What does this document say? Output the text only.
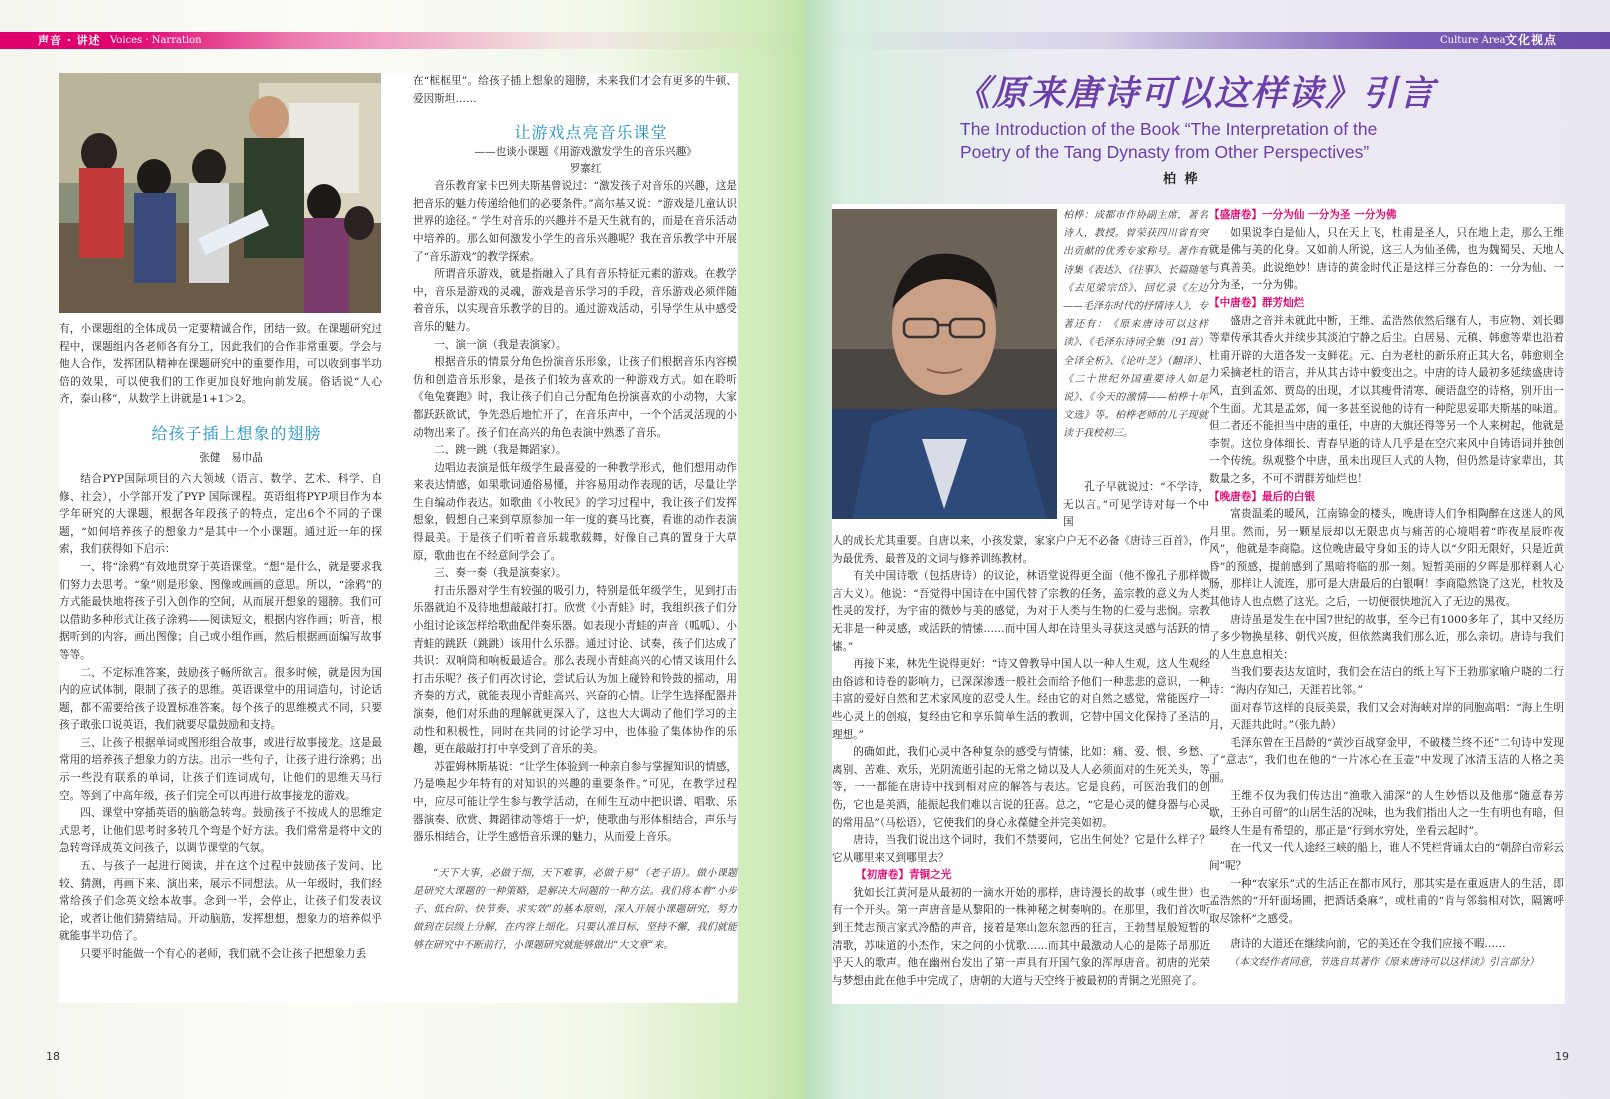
声音 · 讲述 Voices · Narration

有，小课题组的全体成员一定要精诚合作，团结一致。在课题研究过程中，课题组内各老师各有分工，因此我们的合作非常重要。学会与他人合作，发挥团队精神在课题研究中的重要作用，可以收到事半功倍的效果，可以使我们的工作更加良好地向前发展。俗话说“人心齐，泰山移”，从数学上讲就是1+1＞2。

给孩子插上想象的翅膀

张健　易巾晶

结合PYP国际项目的六大领域（语言、数学、艺术、科学、自修、社会），小学部开发了PYP 国际课程。英语组将PYP项目作为本学年研究的大课题，根据各年段孩子的特点，定出6个不同的子课题，“如何培养孩子的想象力”是其中一个小课题。通过近一年的探索，我们获得如下启示：

一、将“涂鸦”有效地贯穿于英语课堂。“想”是什么，就是要求我们努力去思考。“象”则是形象、图像或画画的意思。所以，“涂鸦”的方式能最快地将孩子引入创作的空间，从而展开想象的翅膀。我们可以借助多种形式让孩子涂鸦——阅读短文，根据内容作画；听音，根据听到的内容，画出图像；自己或小组作画，然后根据画面编写故事等等。

二、不定标准答案，鼓励孩子畅所欲言。很多时候，就是因为国内的应试体制，限制了孩子的思维。英语课堂中的用词造句，讨论话题，都不需要给孩子设置标准答案。每个孩子的思维模式不同，只要孩子敢张口说英语，我们就要尽量鼓励和支持。

三、让孩子根据单词或图形组合故事，或进行故事接龙。这是最常用的培养孩子想象力的方法。出示一些句子，让孩子进行涂鸦；出示一些没有联系的单词，让孩子们连词成句，让他们的思维天马行空。等到了中高年级，孩子们完全可以再进行故事接龙的游戏。

四、课堂中穿插英语的脑筋急转弯。鼓励孩子不按成人的思维定式思考，让他们思考时多转几个弯是个好方法。我们常常是将中文的急转弯译成英文问孩子，以调节课堂的气氛。

五、与孩子一起进行阅读，并在这个过程中鼓励孩子发问、比较、猜测，再画下来、演出来，展示不同想法。从一年级时，我们经常给孩子们念英文绘本故事。念到一半，会停止，让孩子们发表议论，或者让他们猜猜结局。开动脑筋，发挥想想，想象力的培养似乎就能事半功倍了。

只要平时能做一个有心的老师，我们就不会让孩子把想象力丢

在“框框里”。给孩子插上想象的翅膀，未来我们才会有更多的牛顿、爱因斯坦……

让游戏点亮音乐课堂

——也谈小课题《用游戏激发学生的音乐兴趣》

罗寨红

音乐教育家卡巴列夫斯基曾说过：“激发孩子对音乐的兴趣，这是把音乐的魅力传递给他们的必要条件。”高尔基又说：“游戏是儿童认识世界的途径。” 学生对音乐的兴趣并不是天生就有的，而是在音乐活动中培养的。那么如何激发小学生的音乐兴趣呢？我在音乐教学中开展了“音乐游戏”的教学探索。

所谓音乐游戏，就是指融入了具有音乐特征元素的游戏。在教学中，音乐是游戏的灵魂，游戏是音乐学习的手段，音乐游戏必须伴随着音乐，以实现音乐教学的目的。通过游戏活动，引导学生从中感受音乐的魅力。

一、演一演（我是表演家）。

根据音乐的情景分角色扮演音乐形象，让孩子们根据音乐内容模仿和创造音乐形象，是孩子们较为喜欢的一种游戏方式。如在聆听《龟兔赛跑》时，我让孩子们自己分配角色扮演喜欢的小动物，大家都跃跃欲试，争先恐后地忙开了，在音乐声中，一个个活灵活现的小动物出来了。孩子们在高兴的角色表演中熟悉了音乐。

二、跳一跳（我是舞蹈家）。

边唱边表演是低年级学生最喜爱的一种教学形式，他们想用动作来表达情感，如果歌词通俗易懂，并容易用动作表现的话，尽量让学生自编动作表达。如歌曲《小牧民》的学习过程中，我让孩子们发挥想象，假想自己来到草原参加一年一度的赛马比赛，看谁的动作表演得最美。于是孩子们听着音乐载歌载舞，好像自己真的置身于大草原，歌曲也在不经意间学会了。

三、奏一奏（我是演奏家）。

打击乐器对学生有较强的吸引力，特别是低年级学生，见到打击乐器就迫不及待地想敲敲打打。欣赏《小青蛙》时，我组织孩子们分小组讨论该怎样给歌曲配伴奏乐器。如表现小青蛙的声音（呱呱）、小青蛙的跳跃（跳跳）该用什么乐器。通过讨论、试奏，孩子们达成了共识：双响筒和响板最适合。那么表现小青蛙高兴的心情又该用什么打击乐呢？孩子们再次讨论，尝试后认为加上碰铃和铃鼓的摇动，用齐奏的方式，就能表现小青蛙高兴、兴奋的心情。让学生选择配器并演奏，他们对乐曲的理解就更深入了，这也大大调动了他们学习的主动性和积极性，同时在共同的讨论学习中，也体验了集体协作的乐趣，更在敲敲打打中享受到了音乐的美。

苏霍姆林斯基说：“让学生体验到一种亲自参与掌握知识的情感，乃是唤起少年特有的对知识的兴趣的重要条件。”可见，在教学过程中，应尽可能让学生参与教学活动，在师生互动中把识谱、唱歌、乐器演奏、欣赏、舞蹈律动等熔于一炉，使歌曲与形体相结合，声乐与器乐相结合，让学生感悟音乐课的魅力，从而爱上音乐。

“天下大事，必做于细，天下难事，必做于易”（老子语）。做小课题是研究大课题的一种策略，是解决大问题的一种方法。我们将本着“小步子、低台阶、快节奏、求实效”的基本原则，深入开展小课题研究，努力做到在层级上分解，在内容上细化。只要认准目标，坚持不懈，我们就能够在研究中不断前行，小课题研究就能够做出“大文章”来。

18
Culture Area 文化视点
《原来唐诗可以这样读》引言
The Introduction of the Book “The Interpretation of the
Poetry of the Tang Dynasty from Other Perspectives”
柏 桦
柏桦：成都市作协副主席，著名诗人，教授。曾荣获四川省有突出贡献的优秀专家称号。著作有诗集《表达》、《往事》、长篇随笔《去见梁宗岱》、回忆录《左边——毛泽东时代的抒情诗人》，专著还有：《原来唐诗可以这样读》、《毛泽东诗词全集（91首）全译全析》、《论叶芝》（翻译）、《二十世纪外国重要诗人如是说》、《今天的激情——柏桦十年文选》等。柏桦老师的儿子现就读于我校初三。

孔子早就说过：“不学诗，无以言。”可见学诗对每一个中国

人的成长尤其重要。自唐以来，小孩发蒙，家家户户无不必备《唐诗三百首》，作为最优秀、最普及的文词与修养训练教材。

有关中国诗歌（包括唐诗）的议论，林语堂说得更全面（他不像孔子那样微言大义）。他说：“吾觉得中国诗在中国代替了宗教的任务，盖宗教的意义为人类性灵的发抒，为宇宙的微妙与美的感觉，为对于人类与生物的仁爱与悲悯。宗教无非是一种灵感，或活跃的情愫……而中国人却在诗里头寻获这灵感与活跃的情愫。”

再接下来，林先生说得更好：“诗又曾教导中国人以一种人生观，这人生观经由俗谚和诗卷的影响力，已深深渗透一般社会而给予他们一种悲悲的意识，一种丰富的爱好自然和艺术家风度的忍受人生。经由它的对自然之感觉，常能医疗一些心灵上的创痕，复经由它和享乐简单生活的教训，它替中国文化保持了圣洁的理想。”

的确如此，我们心灵中各种复杂的感受与情愫，比如：痛、爱、恨、乡愁、离别、苦难、欢乐，光阴流逝引起的无常之恸以及人人必须面对的生死关头，等等，一一都能在唐诗中找到相对应的解答与表达。它是良药，可医治我们的创伤，它也是美酒，能振起我们难以言说的狂喜。总之，“它是心灵的健身器与心灵的常用品”（马松语），它使我们的身心永葆健全并完美如初。

唐诗，当我们说出这个词时，我们不禁要问，它出生何处？它是什么样子？它从哪里来又到哪里去？

【初唐卷】青铜之光

犹如长江黄河是从最初的一滴水开始的那样，唐诗漫长的故事（或生世）也有一个开头。第一声唐音是从黎阳的一株神秘之树奏响的。在那里，我们首次听到王梵志预言家式冷酷的声音，接着是寒山忽东忽西的狂言，王勃彗星般短暂的清歌，苏味道的小杰作，宋之问的小忧歌……而其中最激动人心的是陈子昂那近乎天人的歌声。他在幽州台发出了第一声具有开国气象的浑厚唐音。初唐的光荣与梦想由此在他手中完成了，唐朝的大道与天空终于被最初的青铜之光照亮了。

【盛唐卷】一分为仙 一分为圣 一分为佛

如果说李白是仙人，只在天上飞，杜甫是圣人，只在地上走，那么王维就是佛与美的化身。又如前人所说，这三人为仙圣佛，也为魏蜀吴、天地人与真善美。此说绝妙！唐诗的黄金时代正是这样三分春色的：一分为仙、一分为圣，一分为佛。

【中唐卷】群芳灿烂

盛唐之音并未就此中断，王维、孟浩然依然后继有人，韦应物、刘长卿等辈传承其香火并续步其淡泊宁静之后尘。白居易、元稹、韩愈等辈也沿着杜甫开辟的大道各发一支鲜花。元、白为老杜的新乐府正其大名，韩愈则全力采摘老杜的语言，并从其古诗中毅变出之。中唐的诗人最初多延续盛唐诗风，直到孟郊、贾岛的出现，才以其瘦骨清寒、硬语盘空的诗格，别开出一个生面。尤其是孟郊，闻一多甚至说他的诗有一种陀思妥耶夫斯基的味道。但二者还不能担当中唐的重任，中唐的大旗还得等另一个人来树起，他就是李贺。这位身体细长、青春早逝的诗人几乎是在空穴来风中自铸语词并独创一个传统。纵观整个中唐，虽未出现巨人式的人物，但仍然是诗家辈出，其数量之多，不可不谓群芳灿烂也！

【晚唐卷】最后的白银

富贵温柔的暖风，江南锦金的楼头，晚唐诗人们争相陶醉在这迷人的风月里。然而，另一颗星辰却以无限忠贞与痛苦的心境唱着“昨夜星辰昨夜风”，他就是李商隐。这位晚唐最守身如玉的诗人以“夕阳无限好，只是近黄昏”的预感，提前感到了黑暗将临的那一刻。短暂美丽的夕晖是那样剩人心肠，那样让人流连，那可是大唐最后的白银啊！李商隐然饶了这光，杜牧及其他诗人也点燃了这光。之后，一切便很快地沉入了无边的黑夜。

唐诗虽是发生在中国7世纪的故事，至今已有1000多年了，其中又经历了多少物换星移、朝代兴废，但依然离我们那么近，那么亲切。唐诗与我们的人生息息相关：

当我们要表达友谊时，我们会在洁白的纸上写下王勃那家喻户晓的二行诗：“海内存知己，天涯若比邻。”

面对春节这样的良辰美景，我们又会对海峡对岸的同胞高唱：“海上生明月，天涯共此时。”（张九龄）

毛泽东曾在王昌龄的“黄沙百战穿金甲，不破楼兰终不还”二句诗中发现了“意志”，我们也在他的“一片冰心在玉壶”中发现了冰清玉洁的人格之美丽。

王维不仅为我们传达出“渔歌入浦深”的人生妙悟以及他那“随意春芳歇，王孙自可留”的山居生活的况味，也为我们指出人之一生有明也有暗，但最终人生是有希望的，那正是“行到水穷处，坐看云起时”。

在一代又一代人途经三峡的船上，谁人不凭栏背诵太白的“朝辞白帝彩云间”呢？

一种“农家乐”式的生活正在都市风行，那其实是在重返唐人的生活，即孟浩然的“开轩面场圃，把酒话桑麻”，或杜甫的“肯与邻翁相对饮，隔篱呼取尽馀杯”之感受。

唐诗的大道还在继续向前，它的美还在令我们应接不暇……

（本文经作者同意，节选自其著作《原来唐诗可以这样读》引言部分）

19
